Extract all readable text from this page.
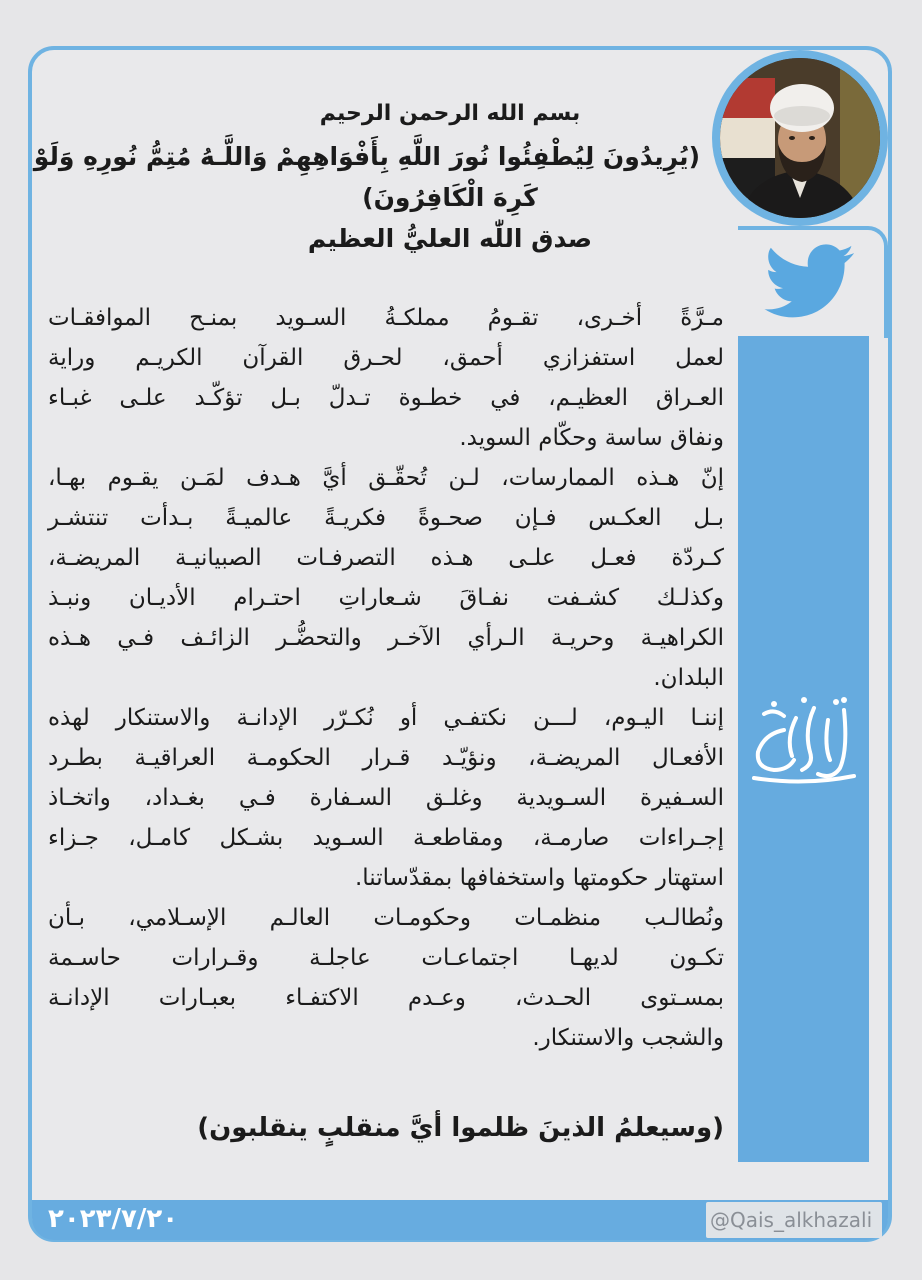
بسم الله الرحمن الرحيم
(يُرِيدُونَ لِيُطْفِئُوا نُورَ اللَّهِ بِأَفْوَاهِهِمْ وَاللَّـهُ مُتِمُّ نُورِهِ وَلَوْ
كَرِهَ الْكَافِرُونَ)
صدق اللّٰه العليُّ العظيم
مـرَّةً أخـرى، تقـومُ مملكـةُ السـويد بمنـح الموافقـات
لعمل استفزازي أحمق، لحـرق القرآن الكريـم وراية
العـراق العظيـم، في خطـوة تـدلّ بـل تؤكّـد علـى غبـاء
ونفاق ساسة وحكّام السويد.
إنّ هـذه الممارسات، لـن تُحقّـق أيَّ هـدف لمَـن يقـوم بهـا،
بـل العكـس فـإن صحـوةً فكريـةً عالميـةً بـدأت تنتشـر
كـردّة فعـل علـى هـذه التصرفـات الصبيانيـة المريضـة،
وكذلـك كشـفت نفـاقَ شـعاراتِ احتـرام الأديـان ونبـذ
الكراهيـة وحريـة الـرأي الآخـر والتحضُّـر الزائـف فـي هـذه
البلدان.
إننـا اليـوم، لـــن نكتفـي أو نُكـرّر الإدانـة والاستنكار لهذه
الأفعـال المريضـة، ونؤيّـد قـرار الحكومـة العراقيـة بطـرد
السـفيرة السـويدية وغلـق السـفارة فـي بغـداد، واتخـاذ
إجـراءات صارمـة، ومقاطعـة السـويد بشـكل كامـل، جـزاء
استهتار حكومتها واستخفافها بمقدّساتنا.
ونُطالـب منظمـات وحكومـات العالـم الإسـلامي، بـأن
تكـون لديهـا اجتماعـات عاجلـة وقـرارات حاسـمة
بمسـتوى الحـدث، وعـدم الاكتفـاء بعبـارات الإدانـة
والشجب والاستنكار.
(وسيعلمُ الذينَ ظلموا أيَّ منقلبٍ ينقلبون)
٢٠٢٣/٧/٢٠	@Qais_alkhazali
